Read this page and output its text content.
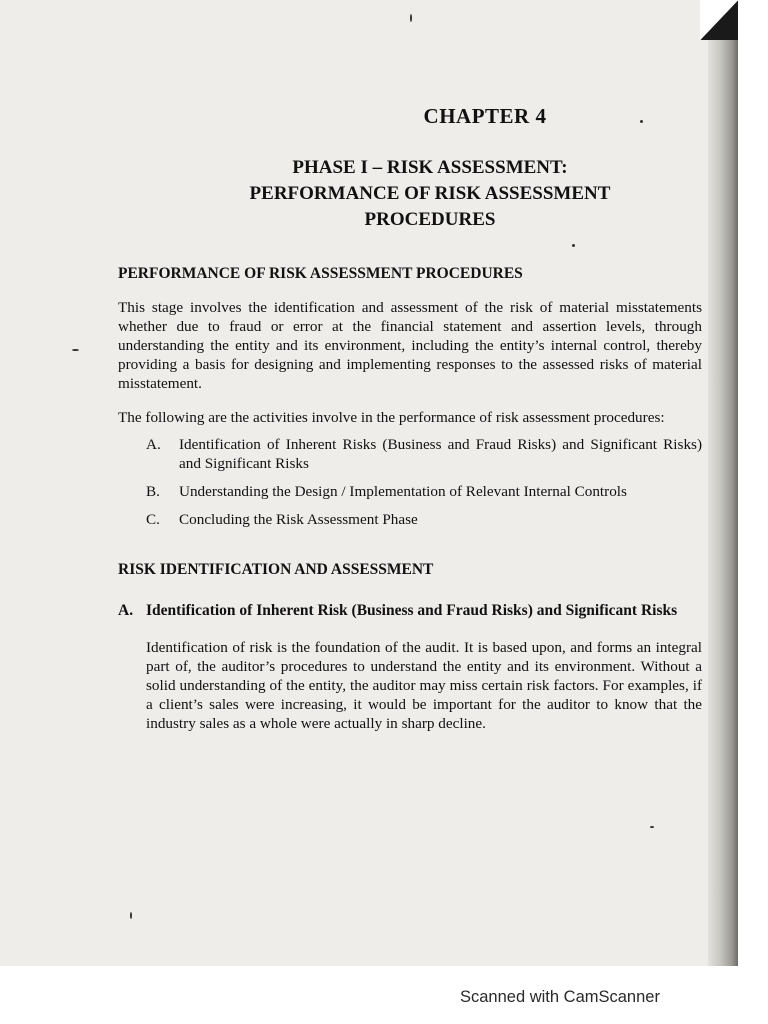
CHAPTER 4
PHASE I – RISK ASSESSMENT:
PERFORMANCE OF RISK ASSESSMENT
PROCEDURES
PERFORMANCE OF RISK ASSESSMENT PROCEDURES

This stage involves the identification and assessment of the risk of material misstatements whether due to fraud or error at the financial statement and assertion levels, through understanding the entity and its environment, including the entity’s internal control, thereby providing a basis for designing and implementing responses to the assessed risks of material misstatement.

The following are the activities involve in the performance of risk assessment procedures:

A.	Identification of Inherent Risks (Business and Fraud Risks) and Significant Risks) and Significant Risks
B.	Understanding the Design / Implementation of Relevant Internal Controls
C.	Concluding the Risk Assessment Phase
RISK IDENTIFICATION AND ASSESSMENT
A. Identification of Inherent Risk (Business and Fraud Risks) and Significant Risks

Identification of risk is the foundation of the audit. It is based upon, and forms an integral part of, the auditor’s procedures to understand the entity and its environment. Without a solid understanding of the entity, the auditor may miss certain risk factors. For examples, if a client’s sales were increasing, it would be important for the auditor to know that the industry sales as a whole were actually in sharp decline.

Scanned with CamScanner
